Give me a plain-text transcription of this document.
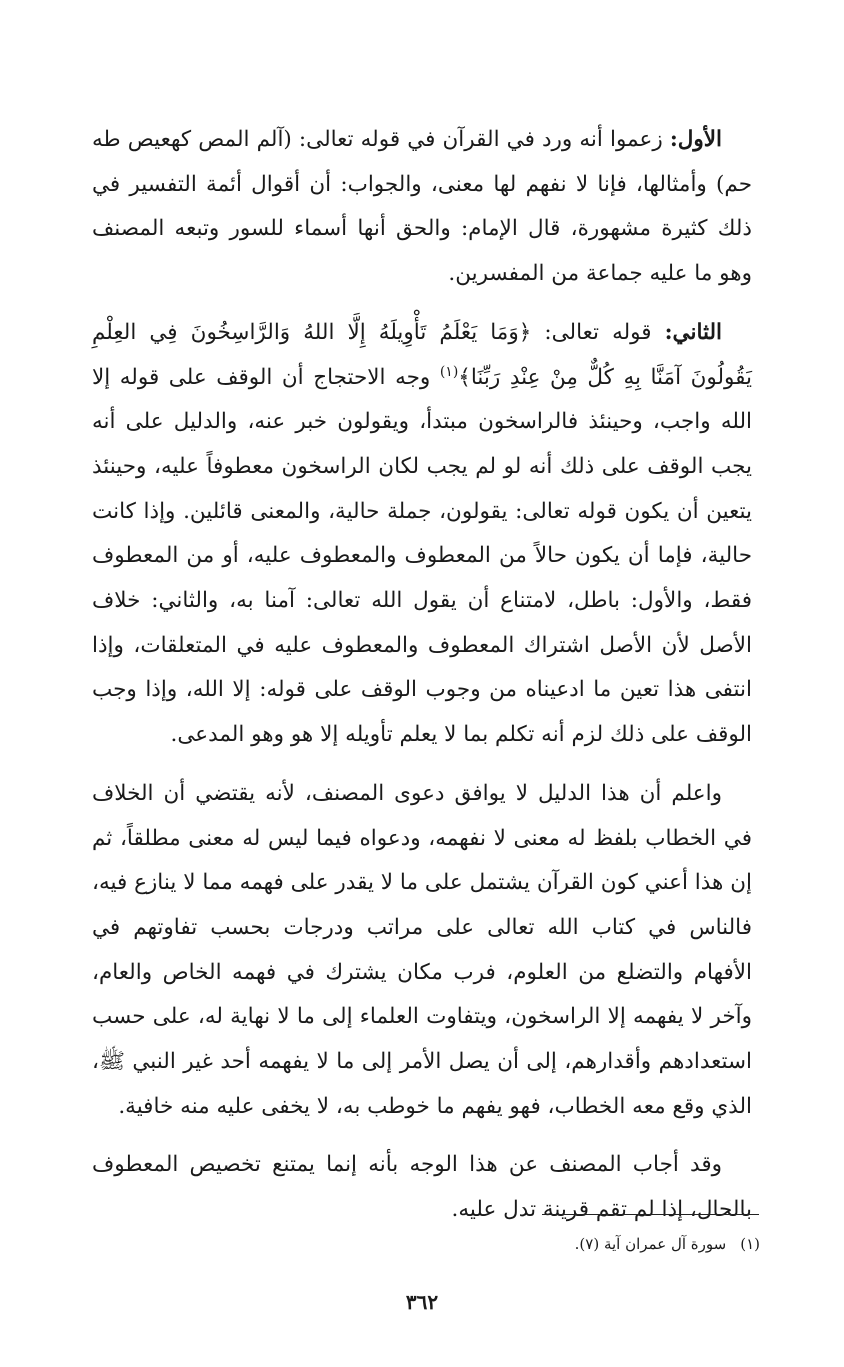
الأول: زعموا أنه ورد في القرآن في قوله تعالى: (آلم المص كهعيص طه حم) وأمثالها، فإنا لا نفهم لها معنى، والجواب: أن أقوال أئمة التفسير في ذلك كثيرة مشهورة، قال الإمام: والحق أنها أسماء للسور وتبعه المصنف وهو ما عليه جماعة من المفسرين.

الثاني: قوله تعالى: ﴿وَمَا يَعْلَمُ تَأْوِيلَهُ إِلَّا اللهُ وَالرَّاسِخُونَ فِي العِلْمِ يَقُولُونَ آمَنَّا بِهِ كُلٌّ مِنْ عِنْدِ رَبِّنَا﴾$^{(١)}$ وجه الاحتجاج أن الوقف على قوله إلا الله واجب، وحينئذ فالراسخون مبتدأ، ويقولون خبر عنه، والدليل على أنه يجب الوقف على ذلك أنه لو لم يجب لكان الراسخون معطوفاً عليه، وحينئذ يتعين أن يكون قوله تعالى: يقولون، جملة حالية، والمعنى قائلين. وإذا كانت حالية، فإما أن يكون حالاً من المعطوف والمعطوف عليه، أو من المعطوف فقط، والأول: باطل، لامتناع أن يقول الله تعالى: آمنا به، والثاني: خلاف الأصل لأن الأصل اشتراك المعطوف والمعطوف عليه في المتعلقات، وإذا انتفى هذا تعين ما ادعيناه من وجوب الوقف على قوله: إلا الله، وإذا وجب الوقف على ذلك لزم أنه تكلم بما لا يعلم تأويله إلا هو وهو المدعى.

واعلم أن هذا الدليل لا يوافق دعوى المصنف، لأنه يقتضي أن الخلاف في الخطاب بلفظ له معنى لا نفهمه، ودعواه فيما ليس له معنى مطلقاً، ثم إن هذا أعني كون القرآن يشتمل على ما لا يقدر على فهمه مما لا ينازع فيه، فالناس في كتاب الله تعالى على مراتب ودرجات بحسب تفاوتهم في الأفهام والتضلع من العلوم، فرب مكان يشترك في فهمه الخاص والعام، وآخر لا يفهمه إلا الراسخون، ويتفاوت العلماء إلى ما لا نهاية له، على حسب استعدادهم وأقدارهم، إلى أن يصل الأمر إلى ما لا يفهمه أحد غير النبي ﷺ، الذي وقع معه الخطاب، فهو يفهم ما خوطب به، لا يخفى عليه منه خافية.

وقد أجاب المصنف عن هذا الوجه بأنه إنما يمتنع تخصيص المعطوف بالحال، إذا لم تقم قرينة تدل عليه.

(١)سورة آل عمران آية (٧).
٣٦٢
